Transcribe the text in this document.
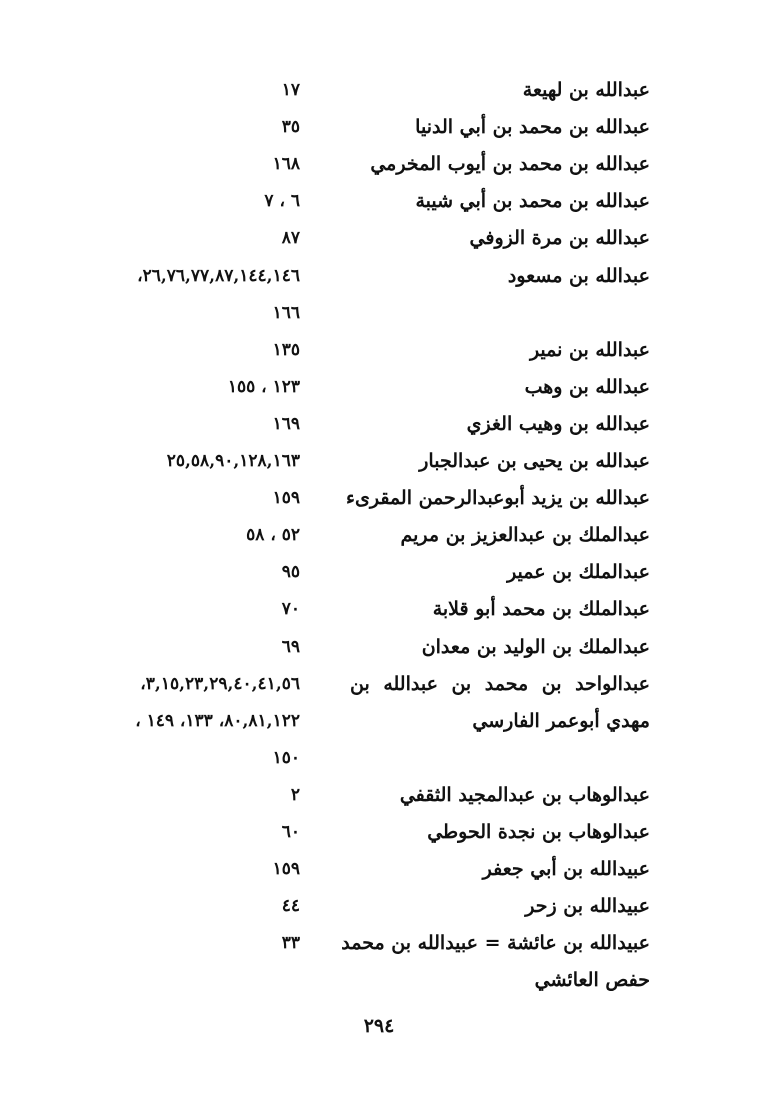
عبدالله بن لهيعة
١٧
عبدالله بن محمد بن أبي الدنيا
٣٥
عبدالله بن محمد بن أيوب المخرمي
١٦٨
عبدالله بن محمد بن أبي شيبة
٦ ، ٧
عبدالله بن مرة الزوفي
٨٧
عبدالله بن مسعود
٢٦,٧٦,٧٧,٨٧,١٤٤,١٤٦،
١٦٦
عبدالله بن نمير
١٣٥
عبدالله بن وهب
١٢٣ ، ١٥٥
عبدالله بن وهيب الغزي
١٦٩
عبدالله بن يحيى بن عبدالجبار
٢٥,٥٨,٩٠,١٢٨,١٦٣
عبدالله بن يزيد أبوعبدالرحمن المقرىء
١٥٩
عبدالملك بن عبدالعزيز بن مريم
٥٢ ، ٥٨
عبدالملك بن عمير
٩٥
عبدالملك بن محمد أبو قلابة
٧٠
عبدالملك بن الوليد بن معدان
٦٩
عبدالواحد بن محمد بن عبدالله بن
٣,١٥,٢٣,٢٩,٤٠,٤١,٥٦،
مهدي أبوعمر الفارسي
٨٠,٨١,١٢٢، ١٣٣، ١٤٩ ،
١٥٠
عبدالوهاب بن عبدالمجيد الثقفي
٢
عبدالوهاب بن نجدة الحوطي
٦٠
عبيدالله بن أبي جعفر
١٥٩
عبيدالله بن زحر
٤٤
عبيدالله بن عائشة = عبيدالله بن محمد
٣٣
حفص العائشي
٢٩٤
